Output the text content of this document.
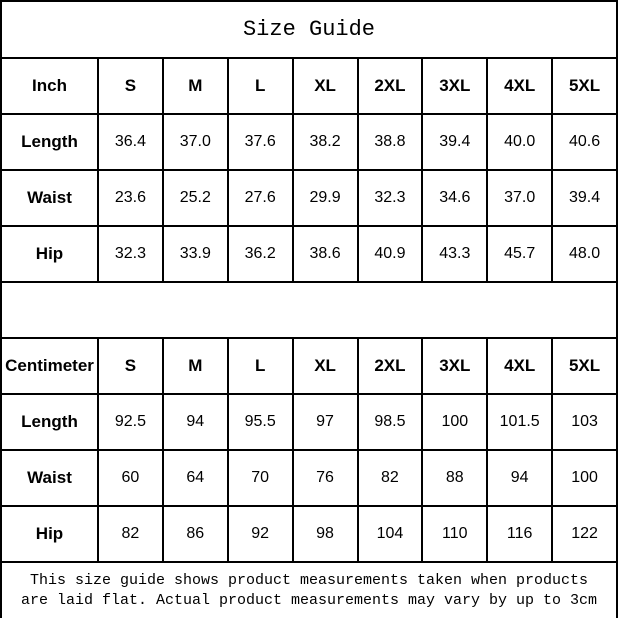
Size Guide								
Inch	S	M	L	XL	2XL	3XL	4XL	5XL
Length	36.4	37.0	37.6	38.2	38.8	39.4	40.0	40.6
Waist	23.6	25.2	27.6	29.9	32.3	34.6	37.0	39.4
Hip	32.3	33.9	36.2	38.6	40.9	43.3	45.7	48.0

Centimeter	S	M	L	XL	2XL	3XL	4XL	5XL
Length	92.5	94	95.5	97	98.5	100	101.5	103
Waist	60	64	70	76	82	88	94	100
Hip	82	86	92	98	104	110	116	122

This size guide shows product measurements taken when products
are laid flat. Actual product measurements may vary by up to 3cm								
